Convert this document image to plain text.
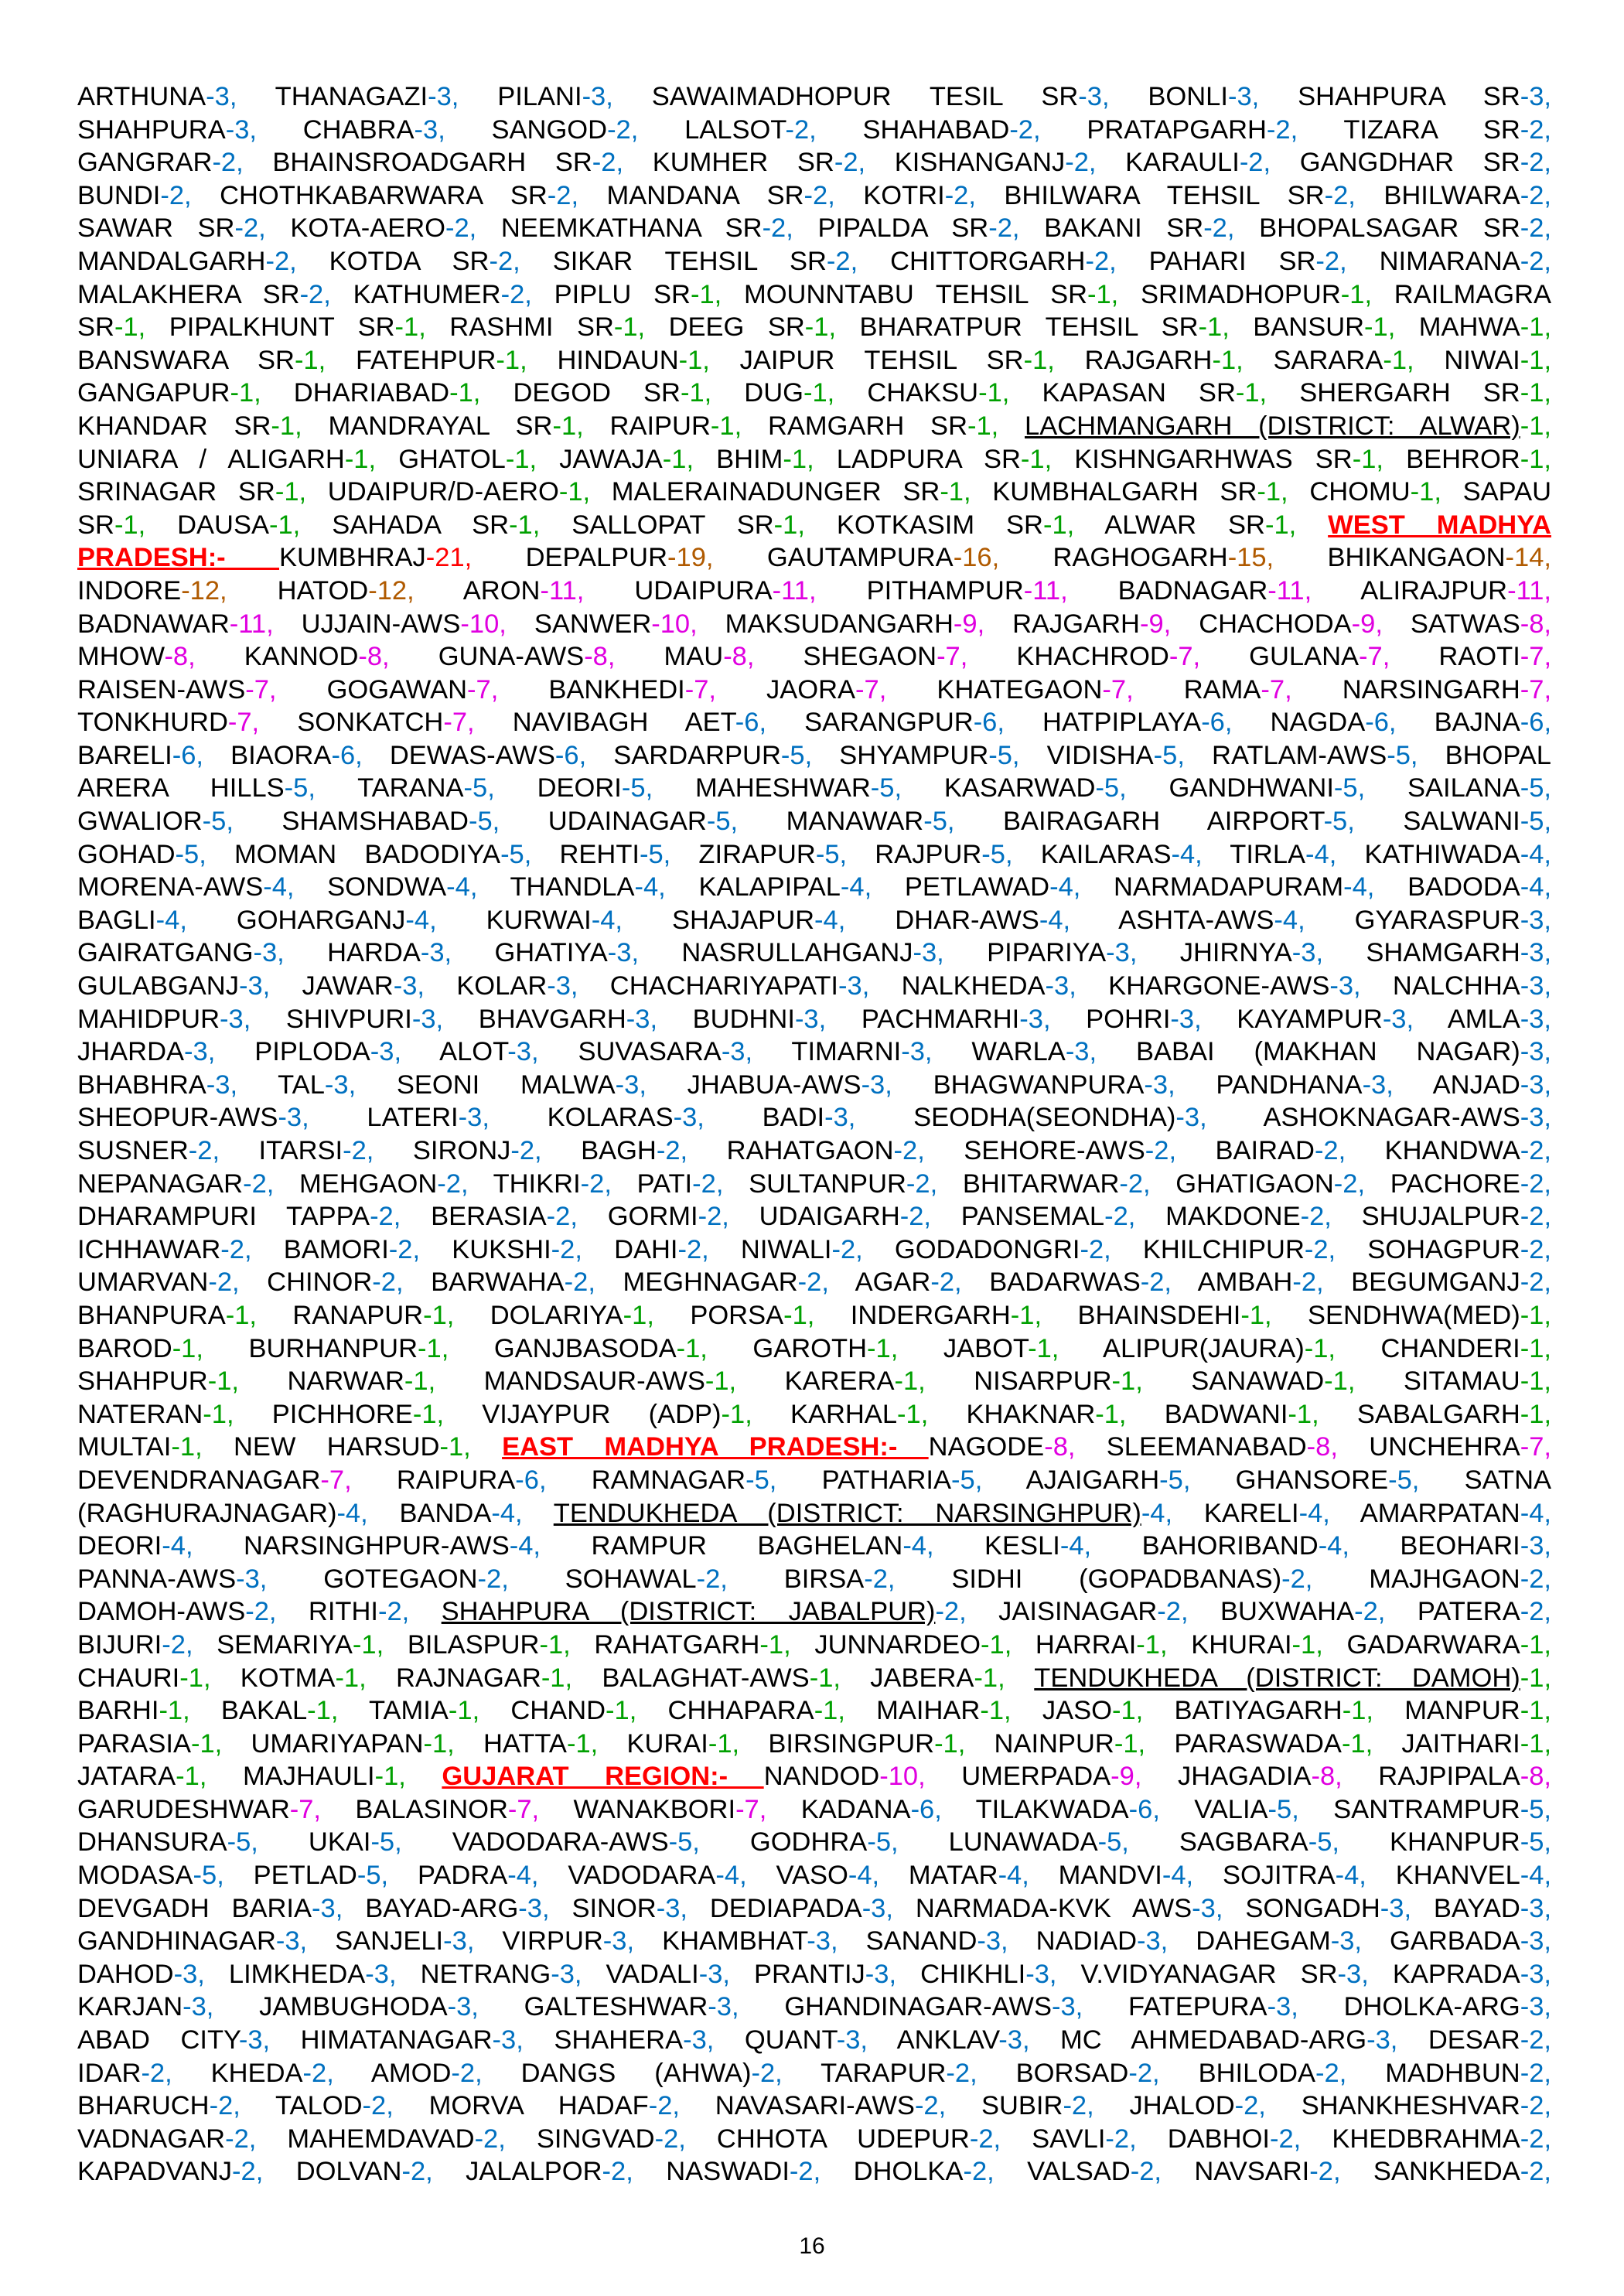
ARTHUNA-3, THANAGAZI-3, PILANI-3, SAWAIMADHOPUR TESIL SR-3, BONLI-3, SHAHPURA SR-3,
SHAHPURA-3, CHABRA-3, SANGOD-2, LALSOT-2, SHAHABAD-2, PRATAPGARH-2, TIZARA SR-2,
GANGRAR-2, BHAINSROADGARH SR-2, KUMHER SR-2, KISHANGANJ-2, KARAULI-2, GANGDHAR SR-2,
BUNDI-2, CHOTHKABARWARA SR-2, MANDANA SR-2, KOTRI-2, BHILWARA TEHSIL SR-2, BHILWARA-2,
SAWAR SR-2, KOTA-AERO-2, NEEMKATHANA SR-2, PIPALDA SR-2, BAKANI SR-2, BHOPALSAGAR SR-2,
MANDALGARH-2, KOTDA SR-2, SIKAR TEHSIL SR-2, CHITTORGARH-2, PAHARI SR-2, NIMARANA-2,
MALAKHERA SR-2, KATHUMER-2, PIPLU SR-1, MOUNNTABU TEHSIL SR-1, SRIMADHOPUR-1, RAILMAGRA
SR-1, PIPALKHUNT SR-1, RASHMI SR-1, DEEG SR-1, BHARATPUR TEHSIL SR-1, BANSUR-1, MAHWA-1,
BANSWARA SR-1, FATEHPUR-1, HINDAUN-1, JAIPUR TEHSIL SR-1, RAJGARH-1, SARARA-1, NIWAI-1,
GANGAPUR-1, DHARIABAD-1, DEGOD SR-1, DUG-1, CHAKSU-1, KAPASAN SR-1, SHERGARH SR-1,
KHANDAR SR-1, MANDRAYAL SR-1, RAIPUR-1, RAMGARH SR-1, LACHMANGARH (DISTRICT: ALWAR)-1,
UNIARA / ALIGARH-1, GHATOL-1, JAWAJA-1, BHIM-1, LADPURA SR-1, KISHNGARHWAS SR-1, BEHROR-1,
SRINAGAR SR-1, UDAIPUR/D-AERO-1, MALERAINADUNGER SR-1, KUMBHALGARH SR-1, CHOMU-1, SAPAU
SR-1, DAUSA-1, SAHADA SR-1, SALLOPAT SR-1, KOTKASIM SR-1, ALWAR SR-1, WEST MADHYA
PRADESH:- KUMBHRAJ-21, DEPALPUR-19, GAUTAMPURA-16, RAGHOGARH-15, BHIKANGAON-14,
INDORE-12, HATOD-12, ARON-11, UDAIPURA-11, PITHAMPUR-11, BADNAGAR-11, ALIRAJPUR-11,
BADNAWAR-11, UJJAIN-AWS-10, SANWER-10, MAKSUDANGARH-9, RAJGARH-9, CHACHODA-9, SATWAS-8,
MHOW-8, KANNOD-8, GUNA-AWS-8, MAU-8, SHEGAON-7, KHACHROD-7, GULANA-7, RAOTI-7,
RAISEN-AWS-7, GOGAWAN-7, BANKHEDI-7, JAORA-7, KHATEGAON-7, RAMA-7, NARSINGARH-7,
TONKHURD-7, SONKATCH-7, NAVIBAGH AET-6, SARANGPUR-6, HATPIPLAYA-6, NAGDA-6, BAJNA-6,
BARELI-6, BIAORA-6, DEWAS-AWS-6, SARDARPUR-5, SHYAMPUR-5, VIDISHA-5, RATLAM-AWS-5, BHOPAL
ARERA HILLS-5, TARANA-5, DEORI-5, MAHESHWAR-5, KASARWAD-5, GANDHWANI-5, SAILANA-5,
GWALIOR-5, SHAMSHABAD-5, UDAINAGAR-5, MANAWAR-5, BAIRAGARH AIRPORT-5, SALWANI-5,
GOHAD-5, MOMAN BADODIYA-5, REHTI-5, ZIRAPUR-5, RAJPUR-5, KAILARAS-4, TIRLA-4, KATHIWADA-4,
MORENA-AWS-4, SONDWA-4, THANDLA-4, KALAPIPAL-4, PETLAWAD-4, NARMADAPURAM-4, BADODA-4,
BAGLI-4, GOHARGANJ-4, KURWAI-4, SHAJAPUR-4, DHAR-AWS-4, ASHTA-AWS-4, GYARASPUR-3,
GAIRATGANG-3, HARDA-3, GHATIYA-3, NASRULLAHGANJ-3, PIPARIYA-3, JHIRNYA-3, SHAMGARH-3,
GULABGANJ-3, JAWAR-3, KOLAR-3, CHACHARIYAPATI-3, NALKHEDA-3, KHARGONE-AWS-3, NALCHHA-3,
MAHIDPUR-3, SHIVPURI-3, BHAVGARH-3, BUDHNI-3, PACHMARHI-3, POHRI-3, KAYAMPUR-3, AMLA-3,
JHARDA-3, PIPLODA-3, ALOT-3, SUVASARA-3, TIMARNI-3, WARLA-3, BABAI (MAKHAN NAGAR)-3,
BHABHRA-3, TAL-3, SEONI MALWA-3, JHABUA-AWS-3, BHAGWANPURA-3, PANDHANA-3, ANJAD-3,
SHEOPUR-AWS-3, LATERI-3, KOLARAS-3, BADI-3, SEODHA(SEONDHA)-3, ASHOKNAGAR-AWS-3,
SUSNER-2, ITARSI-2, SIRONJ-2, BAGH-2, RAHATGAON-2, SEHORE-AWS-2, BAIRAD-2, KHANDWA-2,
NEPANAGAR-2, MEHGAON-2, THIKRI-2, PATI-2, SULTANPUR-2, BHITARWAR-2, GHATIGAON-2, PACHORE-2,
DHARAMPURI TAPPA-2, BERASIA-2, GORMI-2, UDAIGARH-2, PANSEMAL-2, MAKDONE-2, SHUJALPUR-2,
ICHHAWAR-2, BAMORI-2, KUKSHI-2, DAHI-2, NIWALI-2, GODADONGRI-2, KHILCHIPUR-2, SOHAGPUR-2,
UMARVAN-2, CHINOR-2, BARWAHA-2, MEGHNAGAR-2, AGAR-2, BADARWAS-2, AMBAH-2, BEGUMGANJ-2,
BHANPURA-1, RANAPUR-1, DOLARIYA-1, PORSA-1, INDERGARH-1, BHAINSDEHI-1, SENDHWA(MED)-1,
BAROD-1, BURHANPUR-1, GANJBASODA-1, GAROTH-1, JABOT-1, ALIPUR(JAURA)-1, CHANDERI-1,
SHAHPUR-1, NARWAR-1, MANDSAUR-AWS-1, KARERA-1, NISARPUR-1, SANAWAD-1, SITAMAU-1,
NATERAN-1, PICHHORE-1, VIJAYPUR (ADP)-1, KARHAL-1, KHAKNAR-1, BADWANI-1, SABALGARH-1,
MULTAI-1, NEW HARSUD-1, EAST MADHYA PRADESH:- NAGODE-8, SLEEMANABAD-8, UNCHEHRA-7,
DEVENDRANAGAR-7, RAIPURA-6, RAMNAGAR-5, PATHARIA-5, AJAIGARH-5, GHANSORE-5, SATNA
(RAGHURAJNAGAR)-4, BANDA-4, TENDUKHEDA (DISTRICT: NARSINGHPUR)-4, KARELI-4, AMARPATAN-4,
DEORI-4, NARSINGHPUR-AWS-4, RAMPUR BAGHELAN-4, KESLI-4, BAHORIBAND-4, BEOHARI-3,
PANNA-AWS-3, GOTEGAON-2, SOHAWAL-2, BIRSA-2, SIDHI (GOPADBANAS)-2, MAJHGAON-2,
DAMOH-AWS-2, RITHI-2, SHAHPURA (DISTRICT: JABALPUR)-2, JAISINAGAR-2, BUXWAHA-2, PATERA-2,
BIJURI-2, SEMARIYA-1, BILASPUR-1, RAHATGARH-1, JUNNARDEO-1, HARRAI-1, KHURAI-1, GADARWARA-1,
CHAURI-1, KOTMA-1, RAJNAGAR-1, BALAGHAT-AWS-1, JABERA-1, TENDUKHEDA (DISTRICT: DAMOH)-1,
BARHI-1, BAKAL-1, TAMIA-1, CHAND-1, CHHAPARA-1, MAIHAR-1, JASO-1, BATIYAGARH-1, MANPUR-1,
PARASIA-1, UMARIYAPAN-1, HATTA-1, KURAI-1, BIRSINGPUR-1, NAINPUR-1, PARASWADA-1, JAITHARI-1,
JATARA-1, MAJHAULI-1, GUJARAT REGION:- NANDOD-10, UMERPADA-9, JHAGADIA-8, RAJPIPALA-8,
GARUDESHWAR-7, BALASINOR-7, WANAKBORI-7, KADANA-6, TILAKWADA-6, VALIA-5, SANTRAMPUR-5,
DHANSURA-5, UKAI-5, VADODARA-AWS-5, GODHRA-5, LUNAWADA-5, SAGBARA-5, KHANPUR-5,
MODASA-5, PETLAD-5, PADRA-4, VADODARA-4, VASO-4, MATAR-4, MANDVI-4, SOJITRA-4, KHANVEL-4,
DEVGADH BARIA-3, BAYAD-ARG-3, SINOR-3, DEDIAPADA-3, NARMADA-KVK AWS-3, SONGADH-3, BAYAD-3,
GANDHINAGAR-3, SANJELI-3, VIRPUR-3, KHAMBHAT-3, SANAND-3, NADIAD-3, DAHEGAM-3, GARBADA-3,
DAHOD-3, LIMKHEDA-3, NETRANG-3, VADALI-3, PRANTIJ-3, CHIKHLI-3, V.VIDYANAGAR SR-3, KAPRADA-3,
KARJAN-3, JAMBUGHODA-3, GALTESHWAR-3, GHANDINAGAR-AWS-3, FATEPURA-3, DHOLKA-ARG-3,
ABAD CITY-3, HIMATANAGAR-3, SHAHERA-3, QUANT-3, ANKLAV-3, MC AHMEDABAD-ARG-3, DESAR-2,
IDAR-2, KHEDA-2, AMOD-2, DANGS (AHWA)-2, TARAPUR-2, BORSAD-2, BHILODA-2, MADHBUN-2,
BHARUCH-2, TALOD-2, MORVA HADAF-2, NAVASARI-AWS-2, SUBIR-2, JHALOD-2, SHANKHESHVAR-2,
VADNAGAR-2, MAHEMDAVAD-2, SINGVAD-2, CHHOTA UDEPUR-2, SAVLI-2, DABHOI-2, KHEDBRAHMA-2,
KAPADVANJ-2, DOLVAN-2, JALALPOR-2, NASWADI-2, DHOLKA-2, VALSAD-2, NAVSARI-2, SANKHEDA-2,
16
